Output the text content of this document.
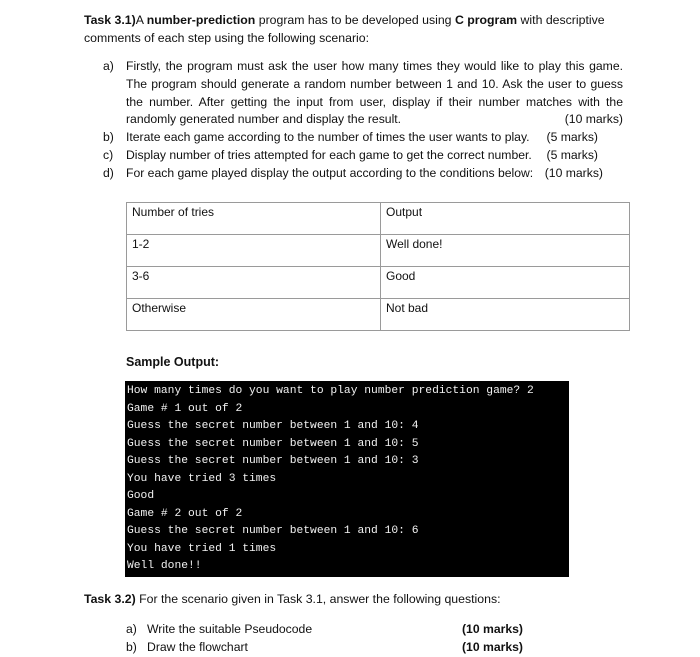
Task 3.1)A number-prediction program has to be developed using C program with descriptive
comments of each step using the following scenario:
a) Firstly, the program must ask the user how many times they would like to play this game. The program should generate a random number between 1 and 10. Ask the user to guess the number. After getting the input from user, display if their number matches with the randomly generated number and display the result.	(10 marks)
b) Iterate each game according to the number of times the user wants to play. (5 marks)
c) Display number of tries attempted for each game to get the correct number. (5 marks)
d) For each game played display the output according to the conditions below: (10 marks)
Number of tries	Output
1-2	Well done!
3-6	Good
Otherwise	Not bad
Sample Output:
How many times do you want to play number prediction game? 2
Game # 1 out of 2
Guess the secret number between 1 and 10: 4
Guess the secret number between 1 and 10: 5
Guess the secret number between 1 and 10: 3
You have tried 3 times
Good
Game # 2 out of 2
Guess the secret number between 1 and 10: 6
You have tried 1 times
Well done!!
Task 3.2) For the scenario given in Task 3.1, answer the following questions:
a) Write the suitable Pseudocode	(10 marks)
b) Draw the flowchart	(10 marks)
